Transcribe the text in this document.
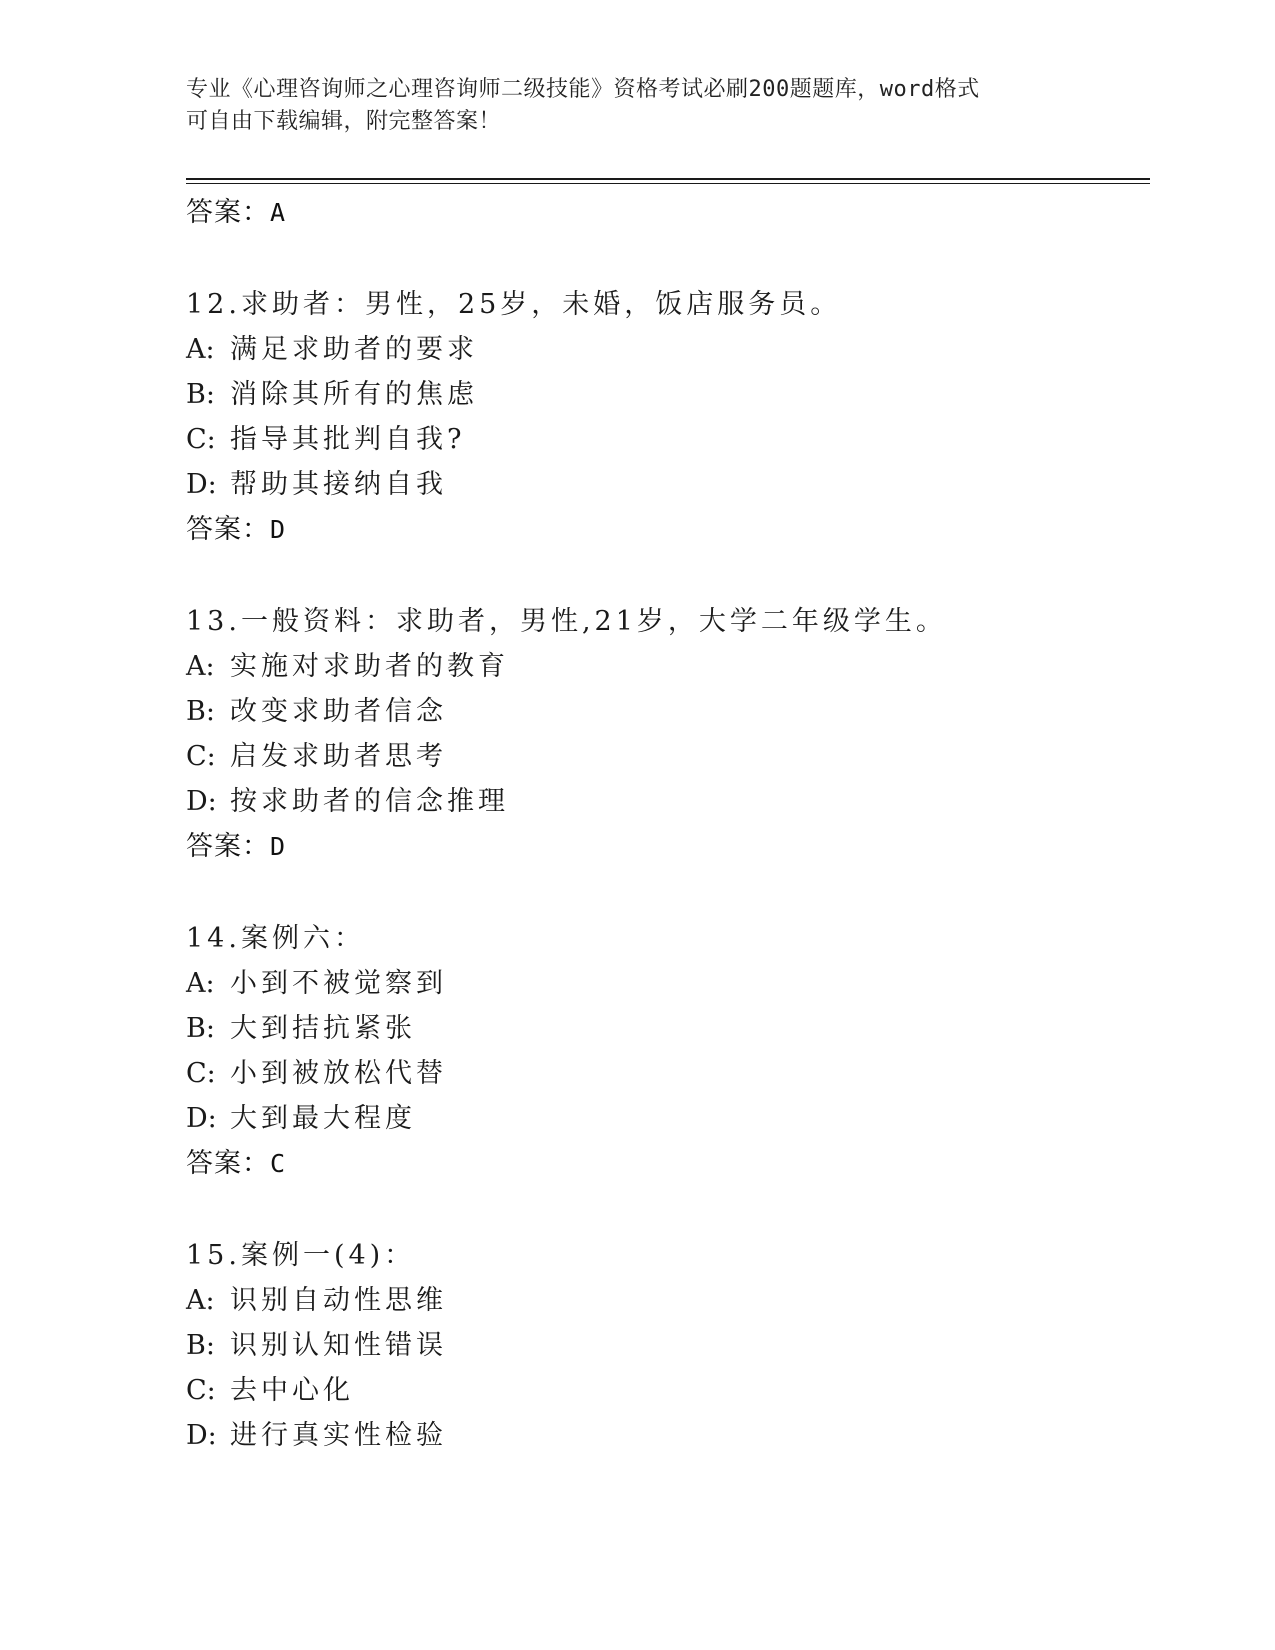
专业《心理咨询师之心理咨询师二级技能》资格考试必刷200题题库，word格式
可自由下载编辑，附完整答案！
答案：A
12.求助者：男性，25岁，未婚，饭店服务员。
A: 满足求助者的要求
B: 消除其所有的焦虑
C: 指导其批判自我?
D: 帮助其接纳自我
答案：D
13.一般资料：求助者，男性,21岁，大学二年级学生。
A: 实施对求助者的教育
B: 改变求助者信念
C: 启发求助者思考
D: 按求助者的信念推理
答案：D
14.案例六：
A: 小到不被觉察到
B: 大到拮抗紧张
C: 小到被放松代替
D: 大到最大程度
答案：C
15.案例一(4)：
A: 识别自动性思维
B: 识别认知性错误
C: 去中心化
D: 进行真实性检验
